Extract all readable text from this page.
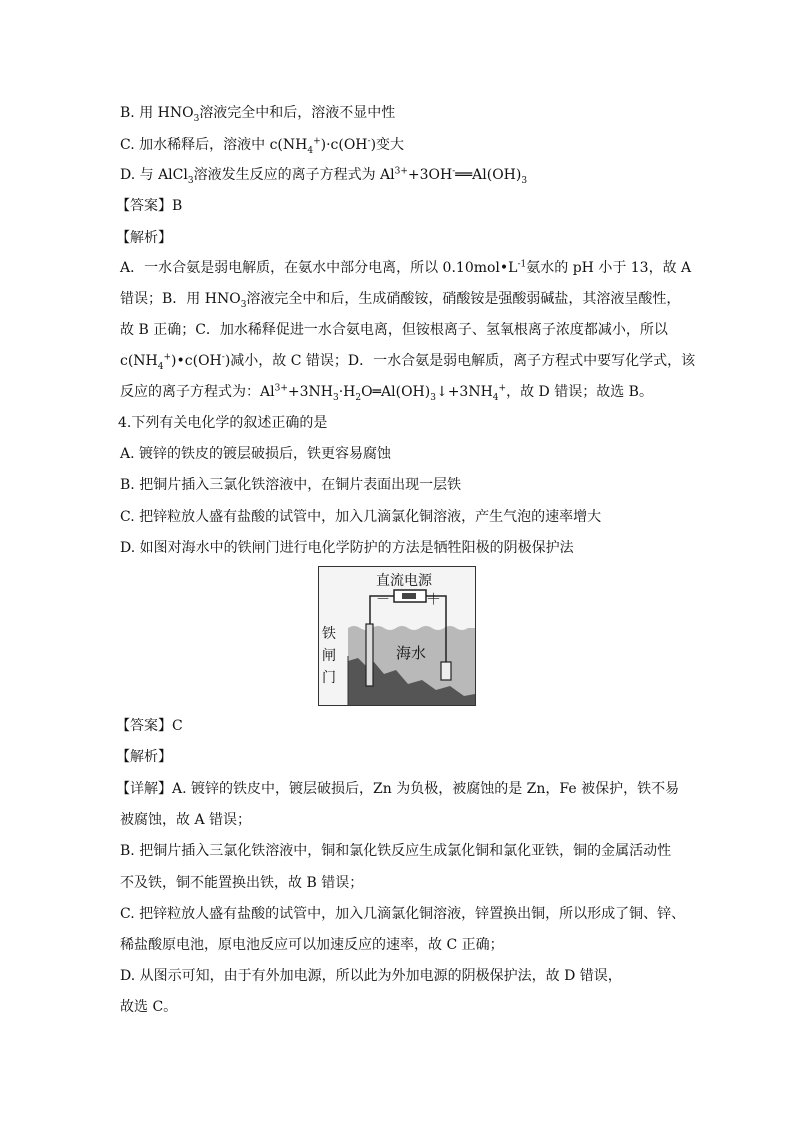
B. 用 $HNO_3$溶液完全中和后，溶液不显中性
C. 加水稀释后，溶液中 $c(NH_4^+)\cdot c(OH^-)$变大
D. 与 AlCl$_3$溶液发生反应的离子方程式为 $Al^{3+}+3OH^-══Al(OH)_3$
【答案】B
【解析】
A．一水合氨是弱电解质，在氨水中部分电离，所以 $0.10mol•L^{-1}$氨水的 pH 小于 13，故 A
错误；B．用 $HNO_3$溶液完全中和后，生成硝酸铵，硝酸铵是强酸弱碱盐，其溶液呈酸性，
故 B 正确；C．加水稀释促进一水合氨电离，但铵根离子、氢氧根离子浓度都减小，所以
$c(NH_4^+)•c(OH^-)$减小，故 C 错误；D．一水合氨是弱电解质，离子方程式中要写化学式，该
反应的离子方程式为：$Al^{3+}+3NH_3\cdot H_2O═Al(OH)_3↓+3NH_4^+$，故 D 错误；故选 B。
4.下列有关电化学的叙述正确的是
A. 镀锌的铁皮的镀层破损后，铁更容易腐蚀
B. 把铜片插入三氯化铁溶液中，在铜片表面出现一层铁
C. 把锌粒放人盛有盐酸的试管中，加入几滴氯化铜溶液，产生气泡的速率增大
D. 如图对海水中的铁闸门进行电化学防护的方法是牺牲阳极的阴极保护法
直流电源
－ ＋
铁
闸
门
海水
【答案】C
【解析】
【详解】A. 镀锌的铁皮中，镀层破损后，Zn 为负极，被腐蚀的是 Zn，Fe 被保护，铁不易
被腐蚀，故 A 错误；
B. 把铜片插入三氯化铁溶液中，铜和氯化铁反应生成氯化铜和氯化亚铁，铜的金属活动性
不及铁，铜不能置换出铁，故 B 错误；
C. 把锌粒放人盛有盐酸的试管中，加入几滴氯化铜溶液，锌置换出铜，所以形成了铜、锌、
稀盐酸原电池，原电池反应可以加速反应的速率，故 C 正确；
D. 从图示可知，由于有外加电源，所以此为外加电源的阴极保护法，故 D 错误，
故选 C。
